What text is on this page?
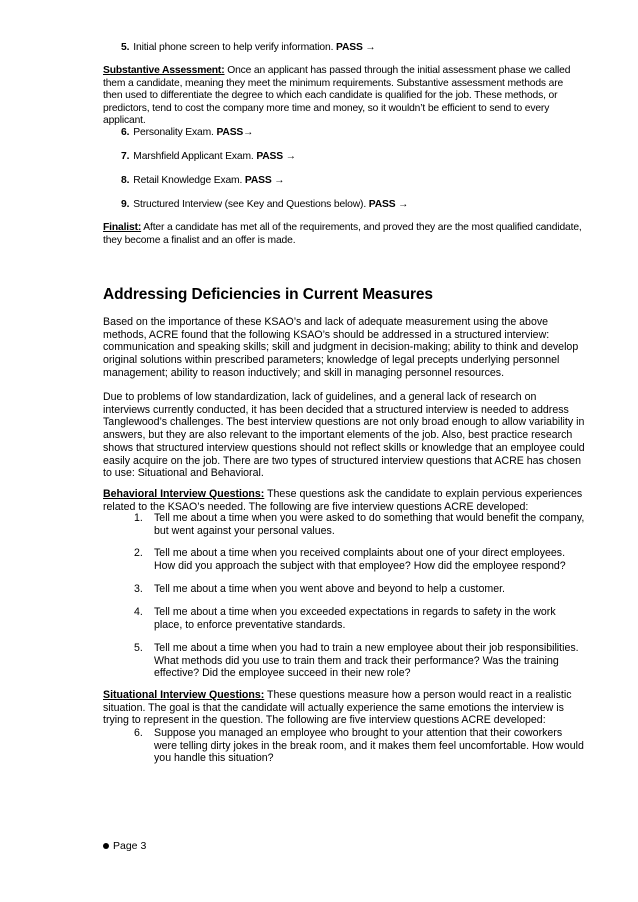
5. Initial phone screen to help verify information. PASS →

Substantive Assessment: Once an applicant has passed through the initial assessment phase we called them a candidate, meaning they meet the minimum requirements. Substantive assessment methods are then used to differentiate the degree to which each candidate is qualified for the job. These methods, or predictors, tend to cost the company more time and money, so it wouldn’t be efficient to send to every applicant.

6. Personality Exam. PASS→
7. Marshfield Applicant Exam. PASS →
8. Retail Knowledge Exam. PASS →
9. Structured Interview (see Key and Questions below). PASS →

Finalist: After a candidate has met all of the requirements, and proved they are the most qualified candidate, they become a finalist and an offer is made.

Addressing Deficiencies in Current Measures

Based on the importance of these KSAO’s and lack of adequate measurement using the above methods, ACRE found that the following KSAO’s should be addressed in a structured interview: communication and speaking skills; skill and judgment in decision-making; ability to think and develop original solutions within prescribed parameters; knowledge of legal precepts underlying personnel management; ability to reason inductively; and skill in managing personnel resources.

Due to problems of low standardization, lack of guidelines, and a general lack of research on interviews currently conducted, it has been decided that a structured interview is needed to address Tanglewood’s challenges. The best interview questions are not only broad enough to allow variability in answers, but they are also relevant to the important elements of the job. Also, best practice research shows that structured interview questions should not reflect skills or knowledge that an employee could easily acquire on the job. There are two types of structured interview questions that ACRE has chosen to use: Situational and Behavioral.

Behavioral Interview Questions: These questions ask the candidate to explain pervious experiences related to the KSAO’s needed. The following are five interview questions ACRE developed:

1.	Tell me about a time when you were asked to do something that would benefit the company, but went against your personal values.
2.	Tell me about a time when you received complaints about one of your direct employees. How did you approach the subject with that employee? How did the employee respond?
3.	Tell me about a time when you went above and beyond to help a customer.
4.	Tell me about a time when you exceeded expectations in regards to safety in the work place, to enforce preventative standards.
5.	Tell me about a time when you had to train a new employee about their job responsibilities. What methods did you use to train them and track their performance? Was the training effective? Did the employee succeed in their new role?

Situational Interview Questions: These questions measure how a person would react in a realistic situation. The goal is that the candidate will actually experience the same emotions the interview is trying to represent in the question. The following are five interview questions ACRE developed:

6.	Suppose you managed an employee who brought to your attention that their coworkers were telling dirty jokes in the break room, and it makes them feel uncomfortable. How would you handle this situation?
Page 3
